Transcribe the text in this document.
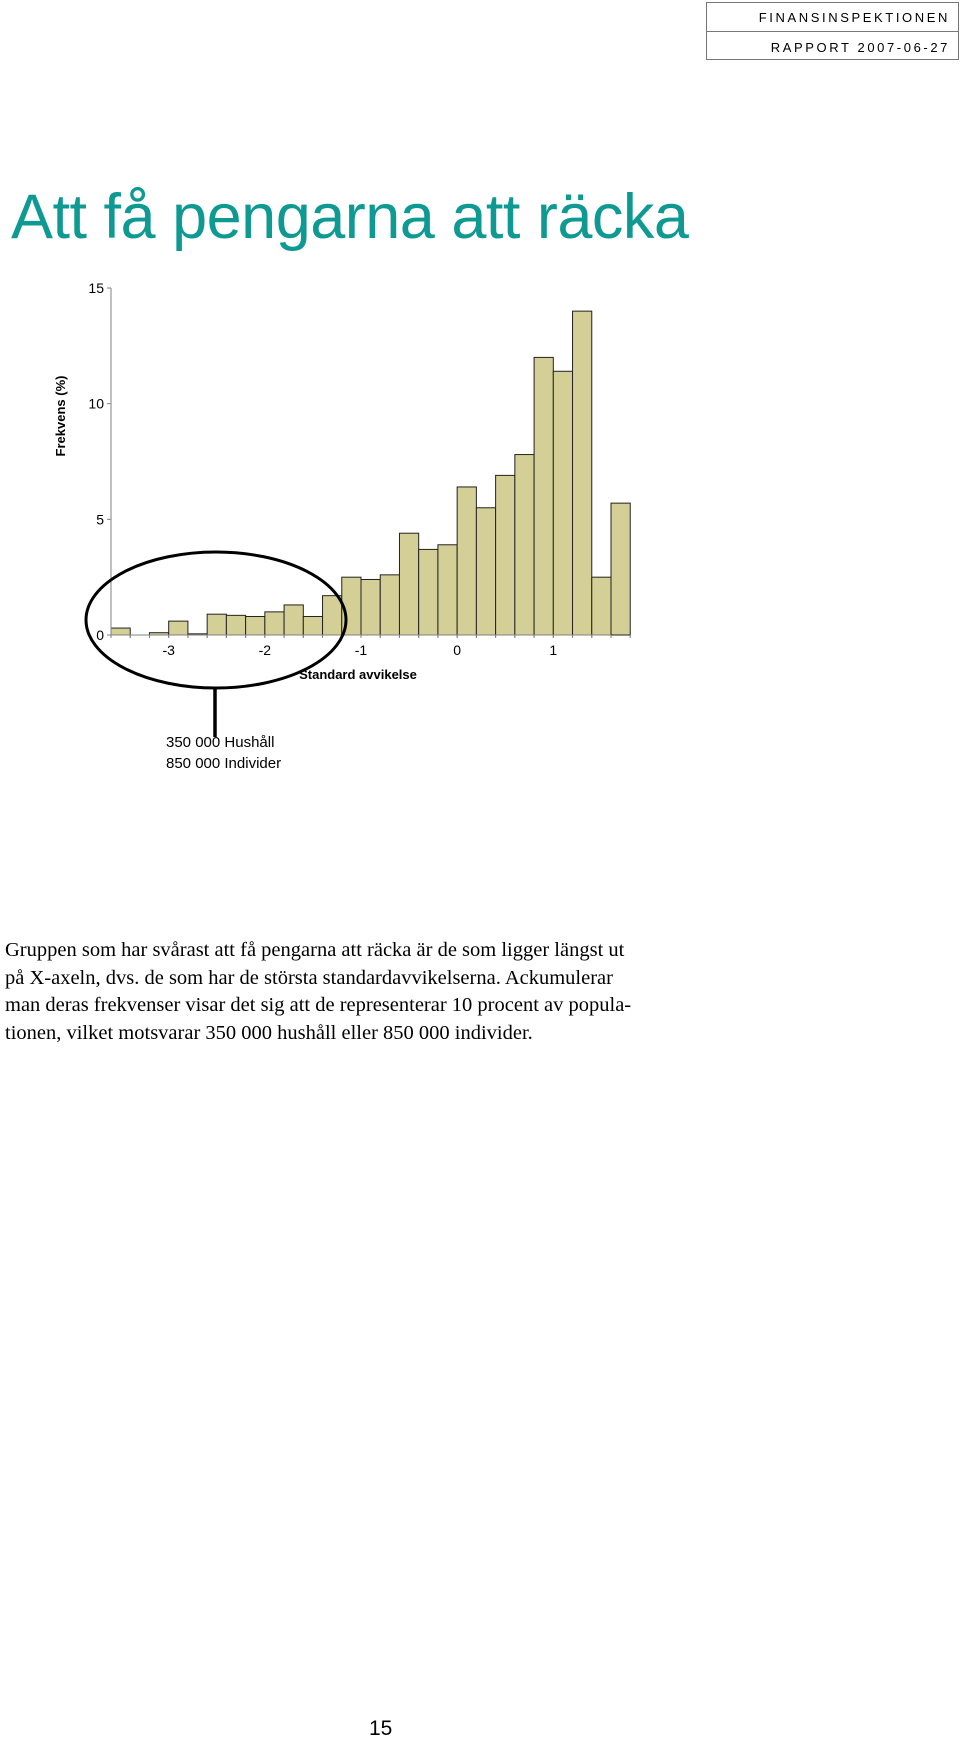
FINANSINSPEKTIONEN
RAPPORT 2007-06-27
Att få pengarna att räcka
0
5
10
15
-3	-2	-1	0	1
Frekvens (%)
Standard avvikelse
350 000 Hushåll
850 000 Individer

Gruppen som har svårast att få pengarna att räcka är de som ligger längst ut
på X-axeln, dvs. de som har de största standardavvikelserna. Ackumulerar
man deras frekvenser visar det sig att de representerar 10 procent av popula-
tionen, vilket motsvarar 350 000 hushåll eller 850 000 individer.

15
